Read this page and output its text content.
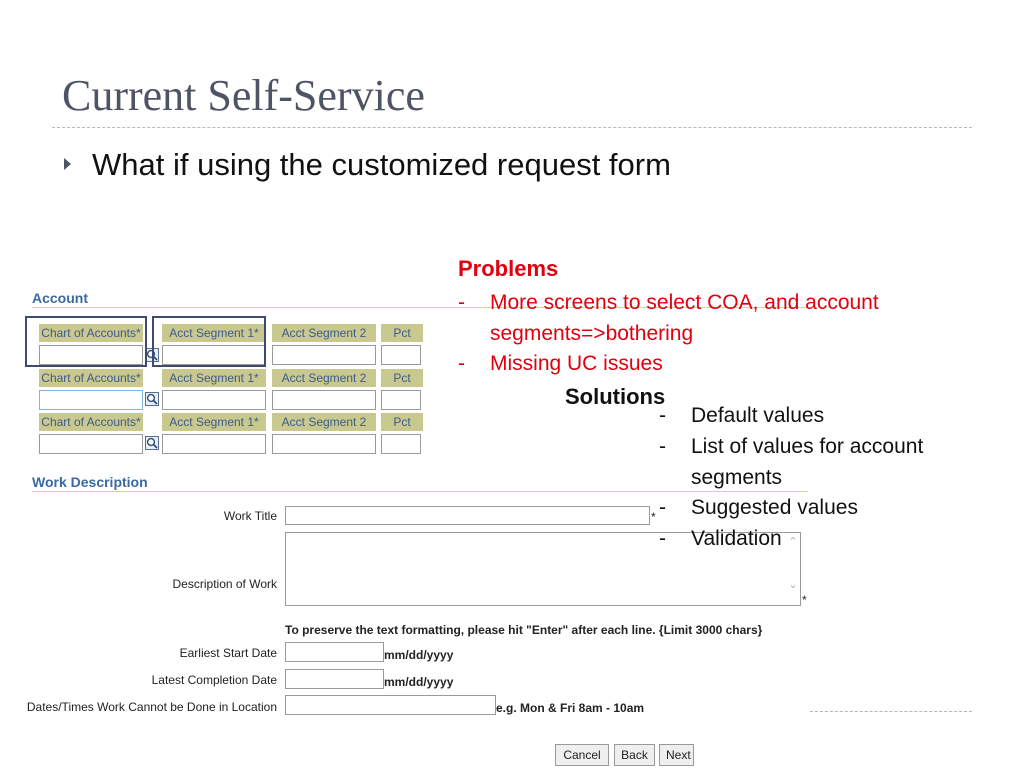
Current Self-Service
What if using the customized request form
Account
Chart of Accounts*	Acct Segment 1*	Acct Segment 2	Pct
Chart of Accounts*	Acct Segment 1*	Acct Segment 2	Pct
Chart of Accounts*	Acct Segment 1*	Acct Segment 2	Pct
Work Description
Work Title	*
Description of Work
⌃
⌄
*
To preserve the text formatting, please hit "Enter" after each line. {Limit 3000 chars}
Earliest Start Date	mm/dd/yyyy
Latest Completion Date	mm/dd/yyyy
Dates/Times Work Cannot be Done in Location	e.g. Mon & Fri 8am - 10am
Cancel	Back	Next
Problems
- More screens to select COA, and account segments=>bothering
- Missing UC issues
Solutions
- Default values
- List of values for account segments
- Suggested values
- Validation
